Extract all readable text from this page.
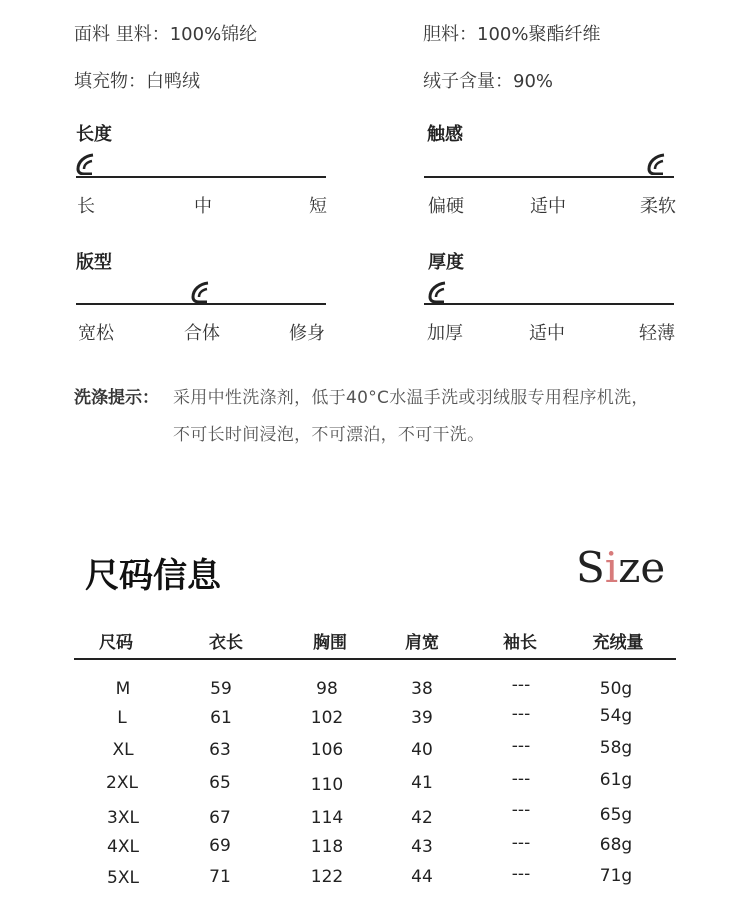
面料 里料：100%锦纶	胆料：100%聚酯纤维
填充物：白鸭绒	绒子含量：90%
长度
长	中	短
触感
偏硬	适中	柔软
版型
宽松	合体	修身
厚度
加厚	适中	轻薄
洗涤提示： 采用中性洗涤剂，低于40°C水温手洗或羽绒服专用程序机洗，
不可长时间浸泡，不可漂泊，不可干洗。
尺码信息	Size
尺码	衣长	胸围	肩宽	袖长	充绒量
M	59	98	38	---	50g
L	61	102	39	---	54g
XL	63	106	40	---	58g
2XL	65	110	41	---	61g
3XL	67	114	42	---	65g
4XL	69	118	43	---	68g
5XL	71	122	44	---	71g
